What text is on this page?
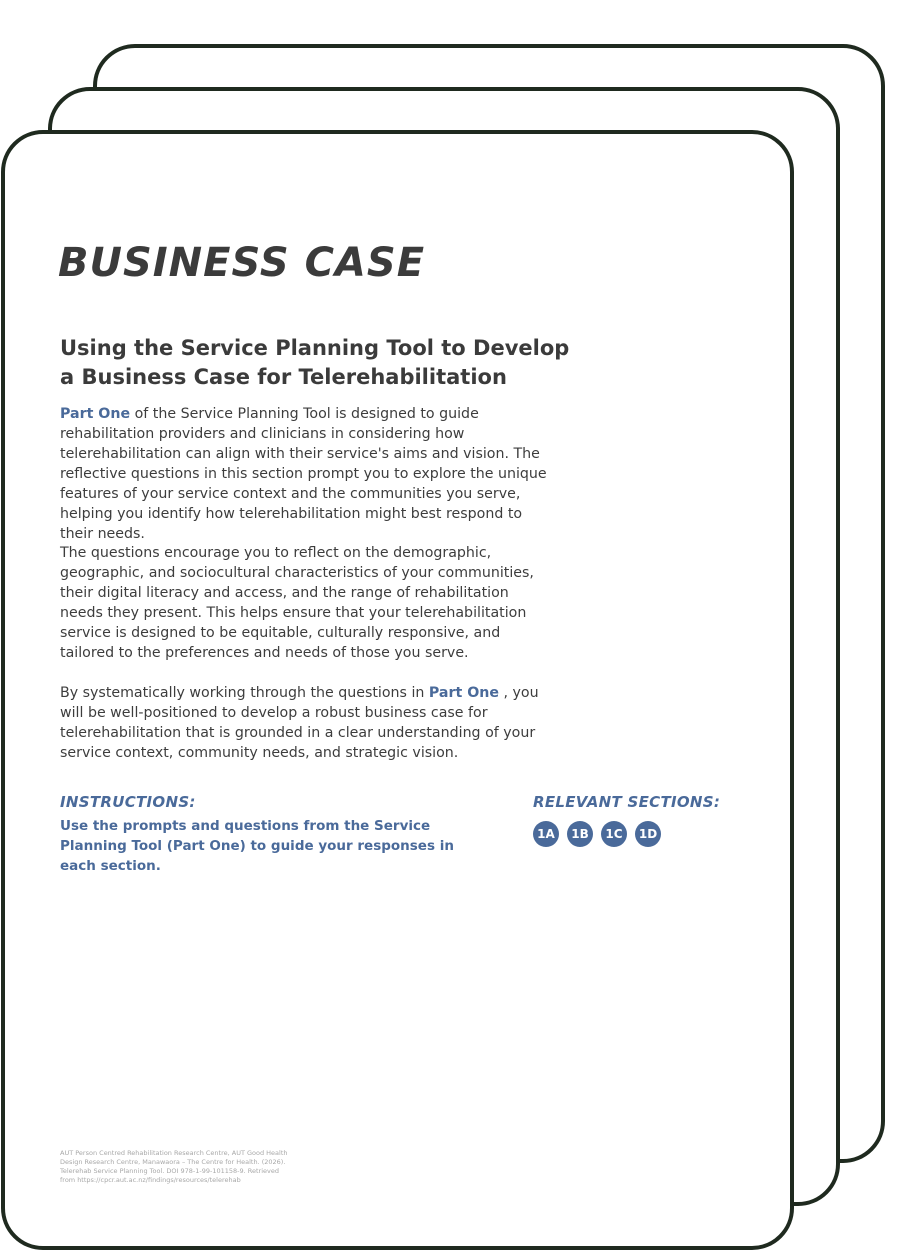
BUSINESS CASE
Using the Service Planning Tool to Develop a Business Case for Telerehabilitation

Part One of the Service Planning Tool is designed to guide rehabilitation providers and clinicians in considering how telerehabilitation can align with their service's aims and vision. The reflective questions in this section prompt you to explore the unique features of your service context and the communities you serve, helping you identify how telerehabilitation might best respond to their needs.

The questions encourage you to reflect on the demographic, geographic, and sociocultural characteristics of your communities, their digital literacy and access, and the range of rehabilitation needs they present. This helps ensure that your telerehabilitation service is designed to be equitable, culturally responsive, and tailored to the preferences and needs of those you serve.

By systematically working through the questions in Part One , you will be well-positioned to develop a robust business case for telerehabilitation that is grounded in a clear understanding of your service context, community needs, and strategic vision.

INSTRUCTIONS:

Use the prompts and questions from the Service Planning Tool (Part One) to guide your responses in each section.

RELEVANT SECTIONS:

1A	1B	1C	1D

AUT Person Centred Rehabilitation Research Centre, AUT Good Health Design Research Centre, Manawaora – The Centre for Health. (2026). Telerehab Service Planning Tool. DOI 978-1-99-101158-9. Retrieved from https://cpcr.aut.ac.nz/findings/resources/telerehab
